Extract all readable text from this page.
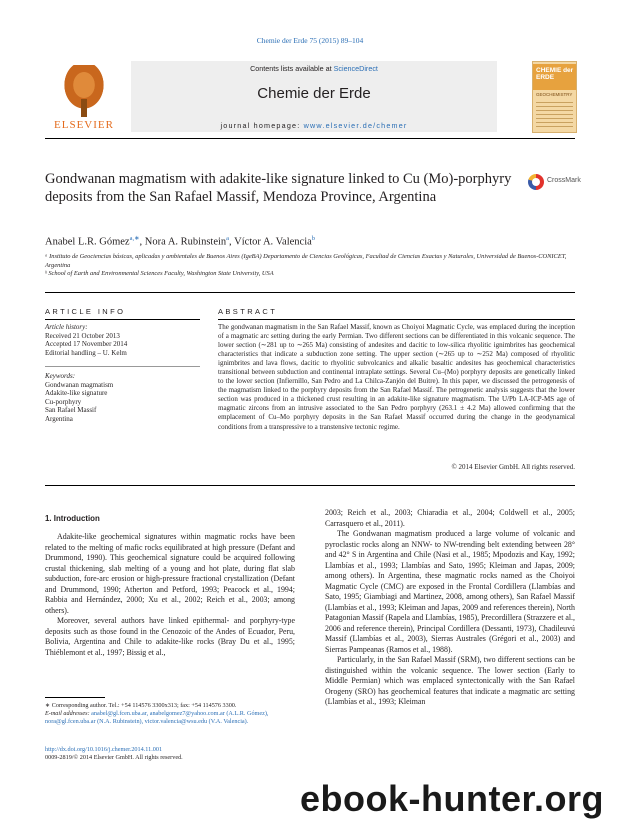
Chemie der Erde 75 (2015) 89–104
ELSEVIER
Contents lists available at ScienceDirect
Chemie der Erde
journal homepage: www.elsevier.de/chemer
CHEMIE der ERDE
GEOCHEMISTRY
Gondwanan magmatism with adakite-like signature linked to Cu (Mo)-porphyry deposits from the San Rafael Massif, Mendoza Province, Argentina
CrossMark
Anabel L.R. Gómez$^{a,∗}$, Nora A. Rubinstein$^a$, Víctor A. Valencia$^b$
ᵃ Instituto de Geociencias básicas, aplicadas y ambientales de Buenos Aires (IgeBA) Departamento de Ciencias Geológicas, Facultad de Ciencias Exactas y Naturales, Universidad de Buenos-CONICET, Argentina
ᵇ School of Earth and Environmental Sciences Faculty, Washington State University, USA
ARTICLE INFO
Article history:
Received 21 October 2013
Accepted 17 November 2014
Editorial handling – U. Kelm
Keywords:
Gondwanan magmatism
Adakite-like signature
Cu-porphyry
San Rafael Massif
Argentina
ABSTRACT
The gondwanan magmatism in the San Rafael Massif, known as Choiyoi Magmatic Cycle, was emplaced during the inception of a magmatic arc setting during the early Permian. Two different sections can be differentiated in this volcanic sequence. The lower section (∼281 up to ∼265 Ma) consisting of andesites and dacitic to low-silica rhyolitic ignimbrites has geochemical characteristics that indicate a subduction zone setting. The upper section (∼265 up to ∼252 Ma) composed of rhyolitic ignimbrites and lava flows, dacitic to rhyolitic subvolcanics and alkalic basaltic andesites has geochemical characteristics transitional between subduction and continental intraplate settings. Several Cu–(Mo) porphyry deposits are genetically linked to the lower section (Infiernillo, San Pedro and La Chilca-Zanjón del Buitre). In this paper, we discussed the petrogenesis of the magmatism linked to the porphyry deposits from the San Rafael Massif. The petrogenetic analysis suggests that the lower section was produced in a thickened crust resulting in an adakite-like signature magmatism. The U/Pb LA-ICP-MS age of magmatic zircons from an intrusive associated to the San Pedro porphyry (263.1 ± 4.2 Ma) allowed confirming that the emplacement of Cu–Mo porphyry deposits in the San Rafael Massif occurred during the change in the geodynamical conditions from a transpressive to a transtensive tectonic regime.
© 2014 Elsevier GmbH. All rights reserved.
1. Introduction

Adakite-like geochemical signatures within magmatic rocks have been related to the melting of mafic rocks equilibrated at high pressure (Defant and Drummond, 1990). This geochemical signature could be acquired following crustal thickening, slab melting of a young and hot plate, during flat slab subduction, fore-arc erosion or high-pressure fractional crystallization (Defant and Drummond, 1990; Atherton and Petford, 1993; Peacock et al., 1994; Rabbia and Hernández, 2000; Xu et al., 2002; Reich et al., 2003; among others).

Moreover, several authors have linked epithermal- and porphyry-type deposits such as those found in the Cenozoic of the Andes of Ecuador, Peru, Bolivia, Argentina and Chile to adakite-like rocks (Bray Du et al., 1995; Thiéblemont et al., 1997; Bissig et al.,

2003; Reich et al., 2003; Chiaradia et al., 2004; Coldwell et al., 2005; Carrasquero et al., 2011).

The Gondwanan magmatism produced a large volume of volcanic and pyroclastic rocks along an NNW- to NW-trending belt extending between 28° and 42° S in Argentina and Chile (Nasi et al., 1985; Mpodozis and Kay, 1992; Llambías et al., 1993; Llambías and Sato, 1995; Kleiman and Japas, 2009; among others). In Argentina, these magmatic rocks named as the Choiyoi Magmatic Cycle (CMC) are exposed in the Frontal Cordillera (Llambías and Sato, 1995; Giambiagi and Martinez, 2008, among others), San Rafael Massif (Llambías et al., 1993; Kleiman and Japas, 2009 and references therein), North Patagonian Massif (Rapela and Llambías, 1985), Precordillera (Strazzere et al., 2006 and reference therein), Principal Cordillera (Dessanti, 1973), Chadileuvú Massif (Llambías et al., 2003), Sierras Australes (Grégori et al., 2003) and Sierras Pampeanas (Ramos et al., 1988).

Particularly, in the San Rafael Massif (SRM), two different sections can be distinguished within the volcanic sequence. The lower section (Early to Middle Permian) which was emplaced syntectonically with the San Rafael Orogeny (SRO) has geochemical features that indicate a magmatic arc setting (Llambías et al., 1993; Kleiman

∗ Corresponding author. Tel.: +54 114576 3300x313; fax: +54 114576 3300.
E-mail addresses: anabel@gl.fcen.uba.ar, anabelgomez7@yahoo.com.ar (A.L.R. Gómez), nora@gl.fcen.uba.ar (N.A. Rubinstein), victor.valencia@wsu.edu (V.A. Valencia).
http://dx.doi.org/10.1016/j.chemer.2014.11.001
0009-2819/© 2014 Elsevier GmbH. All rights reserved.
ebook-hunter.org
